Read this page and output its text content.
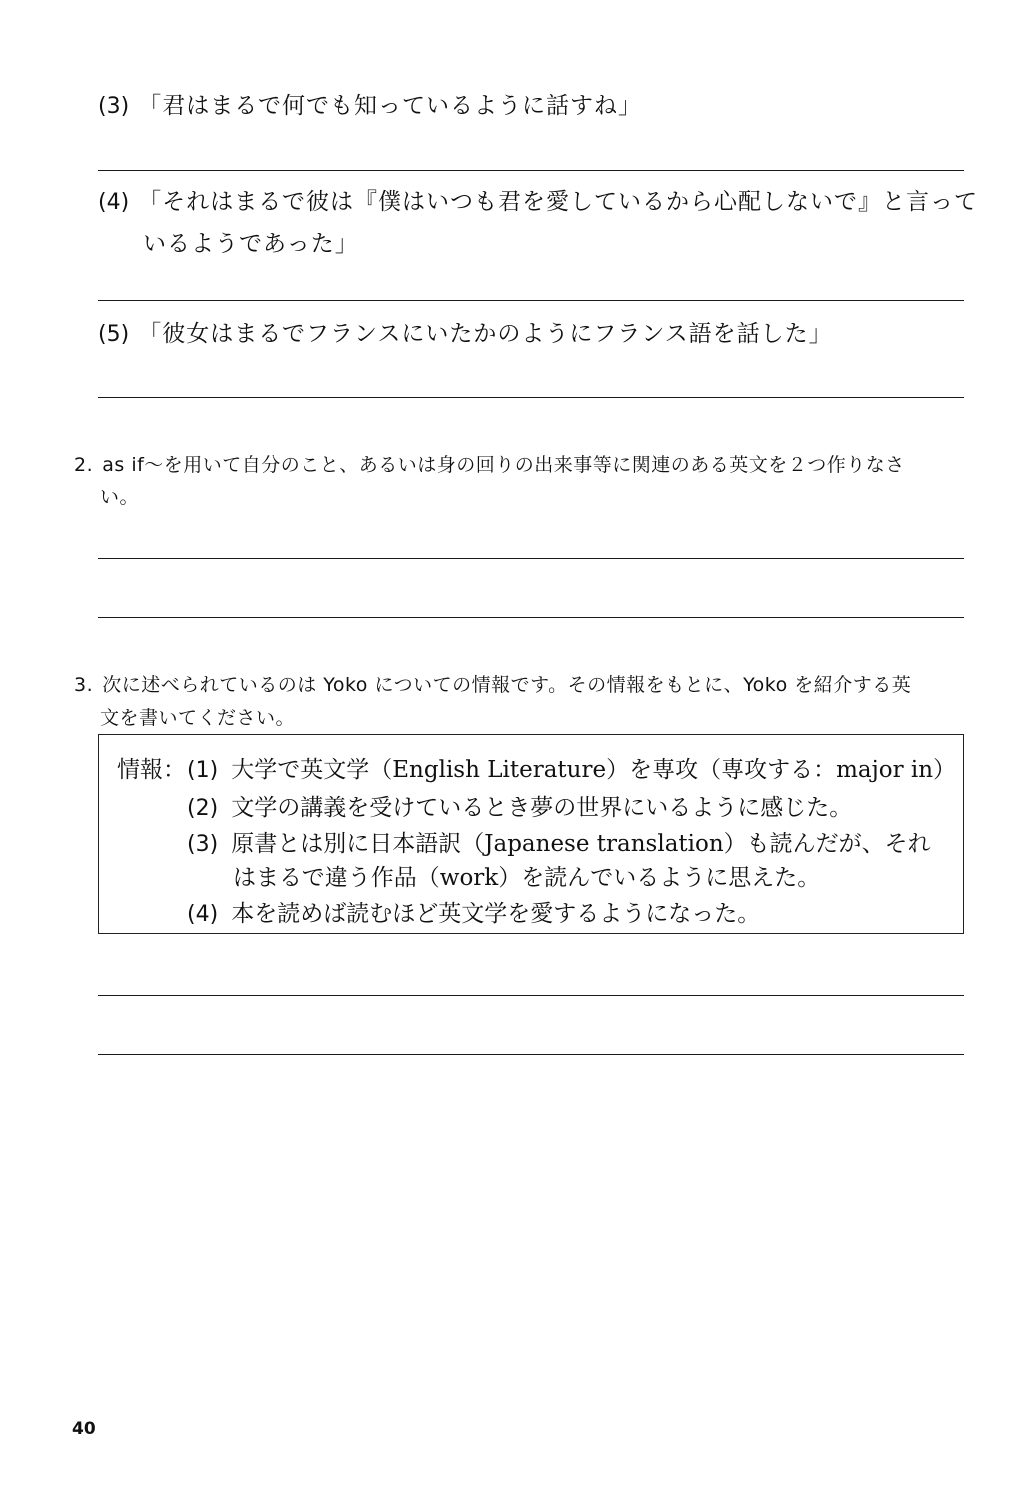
(3) 「君はまるで何でも知っているように話すね」
(4) 「それはまるで彼は『僕はいつも君を愛しているから心配しないで』と言って
いるようであった」
(5) 「彼女はまるでフランスにいたかのようにフランス語を話した」
2. as if～を用いて自分のこと、あるいは身の回りの出来事等に関連のある英文を２つ作りなさ
い。
3. 次に述べられているのは Yoko についての情報です。その情報をもとに、Yoko を紹介する英
文を書いてください。
情報： (1) 大学で英文学（English Literature）を専攻（専攻する：major in）
(2) 文学の講義を受けているとき夢の世界にいるように感じた。
(3) 原書とは別に日本語訳（Japanese translation）も読んだが、それ
はまるで違う作品（work）を読んでいるように思えた。
(4) 本を読めば読むほど英文学を愛するようになった。
40
